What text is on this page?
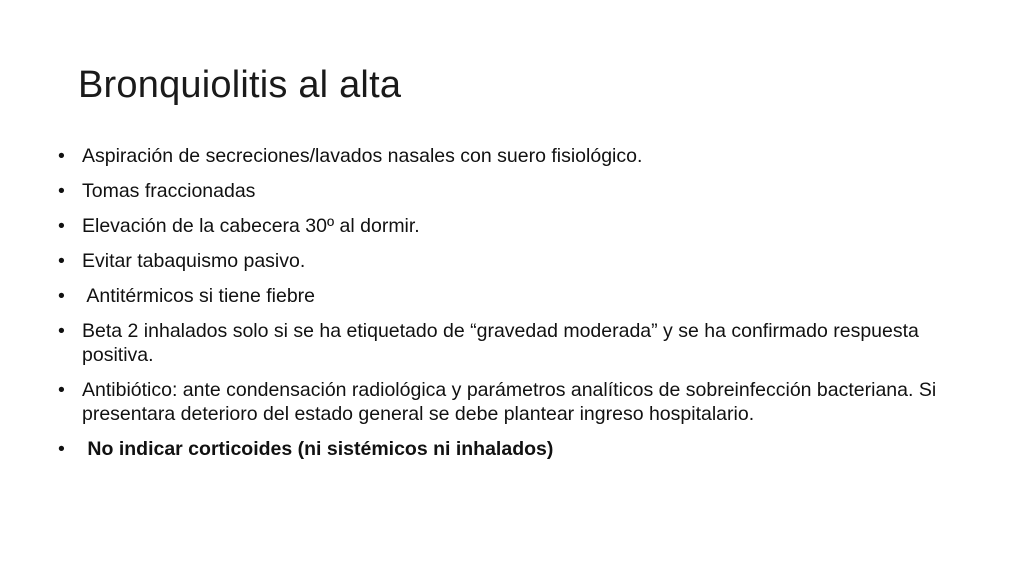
Bronquiolitis al alta
• Aspiración de secreciones/lavados nasales con suero fisiológico.
• Tomas fraccionadas
• Elevación de la cabecera 30º al dormir.
• Evitar tabaquismo pasivo.
• Antitérmicos si tiene fiebre
• Beta 2 inhalados solo si se ha etiquetado de “gravedad moderada” y se ha confirmado respuesta positiva.
• Antibiótico: ante condensación radiológica y parámetros analíticos de sobreinfección bacteriana. Si presentara deterioro del estado general se debe plantear ingreso hospitalario.
• No indicar corticoides (ni sistémicos ni inhalados)
